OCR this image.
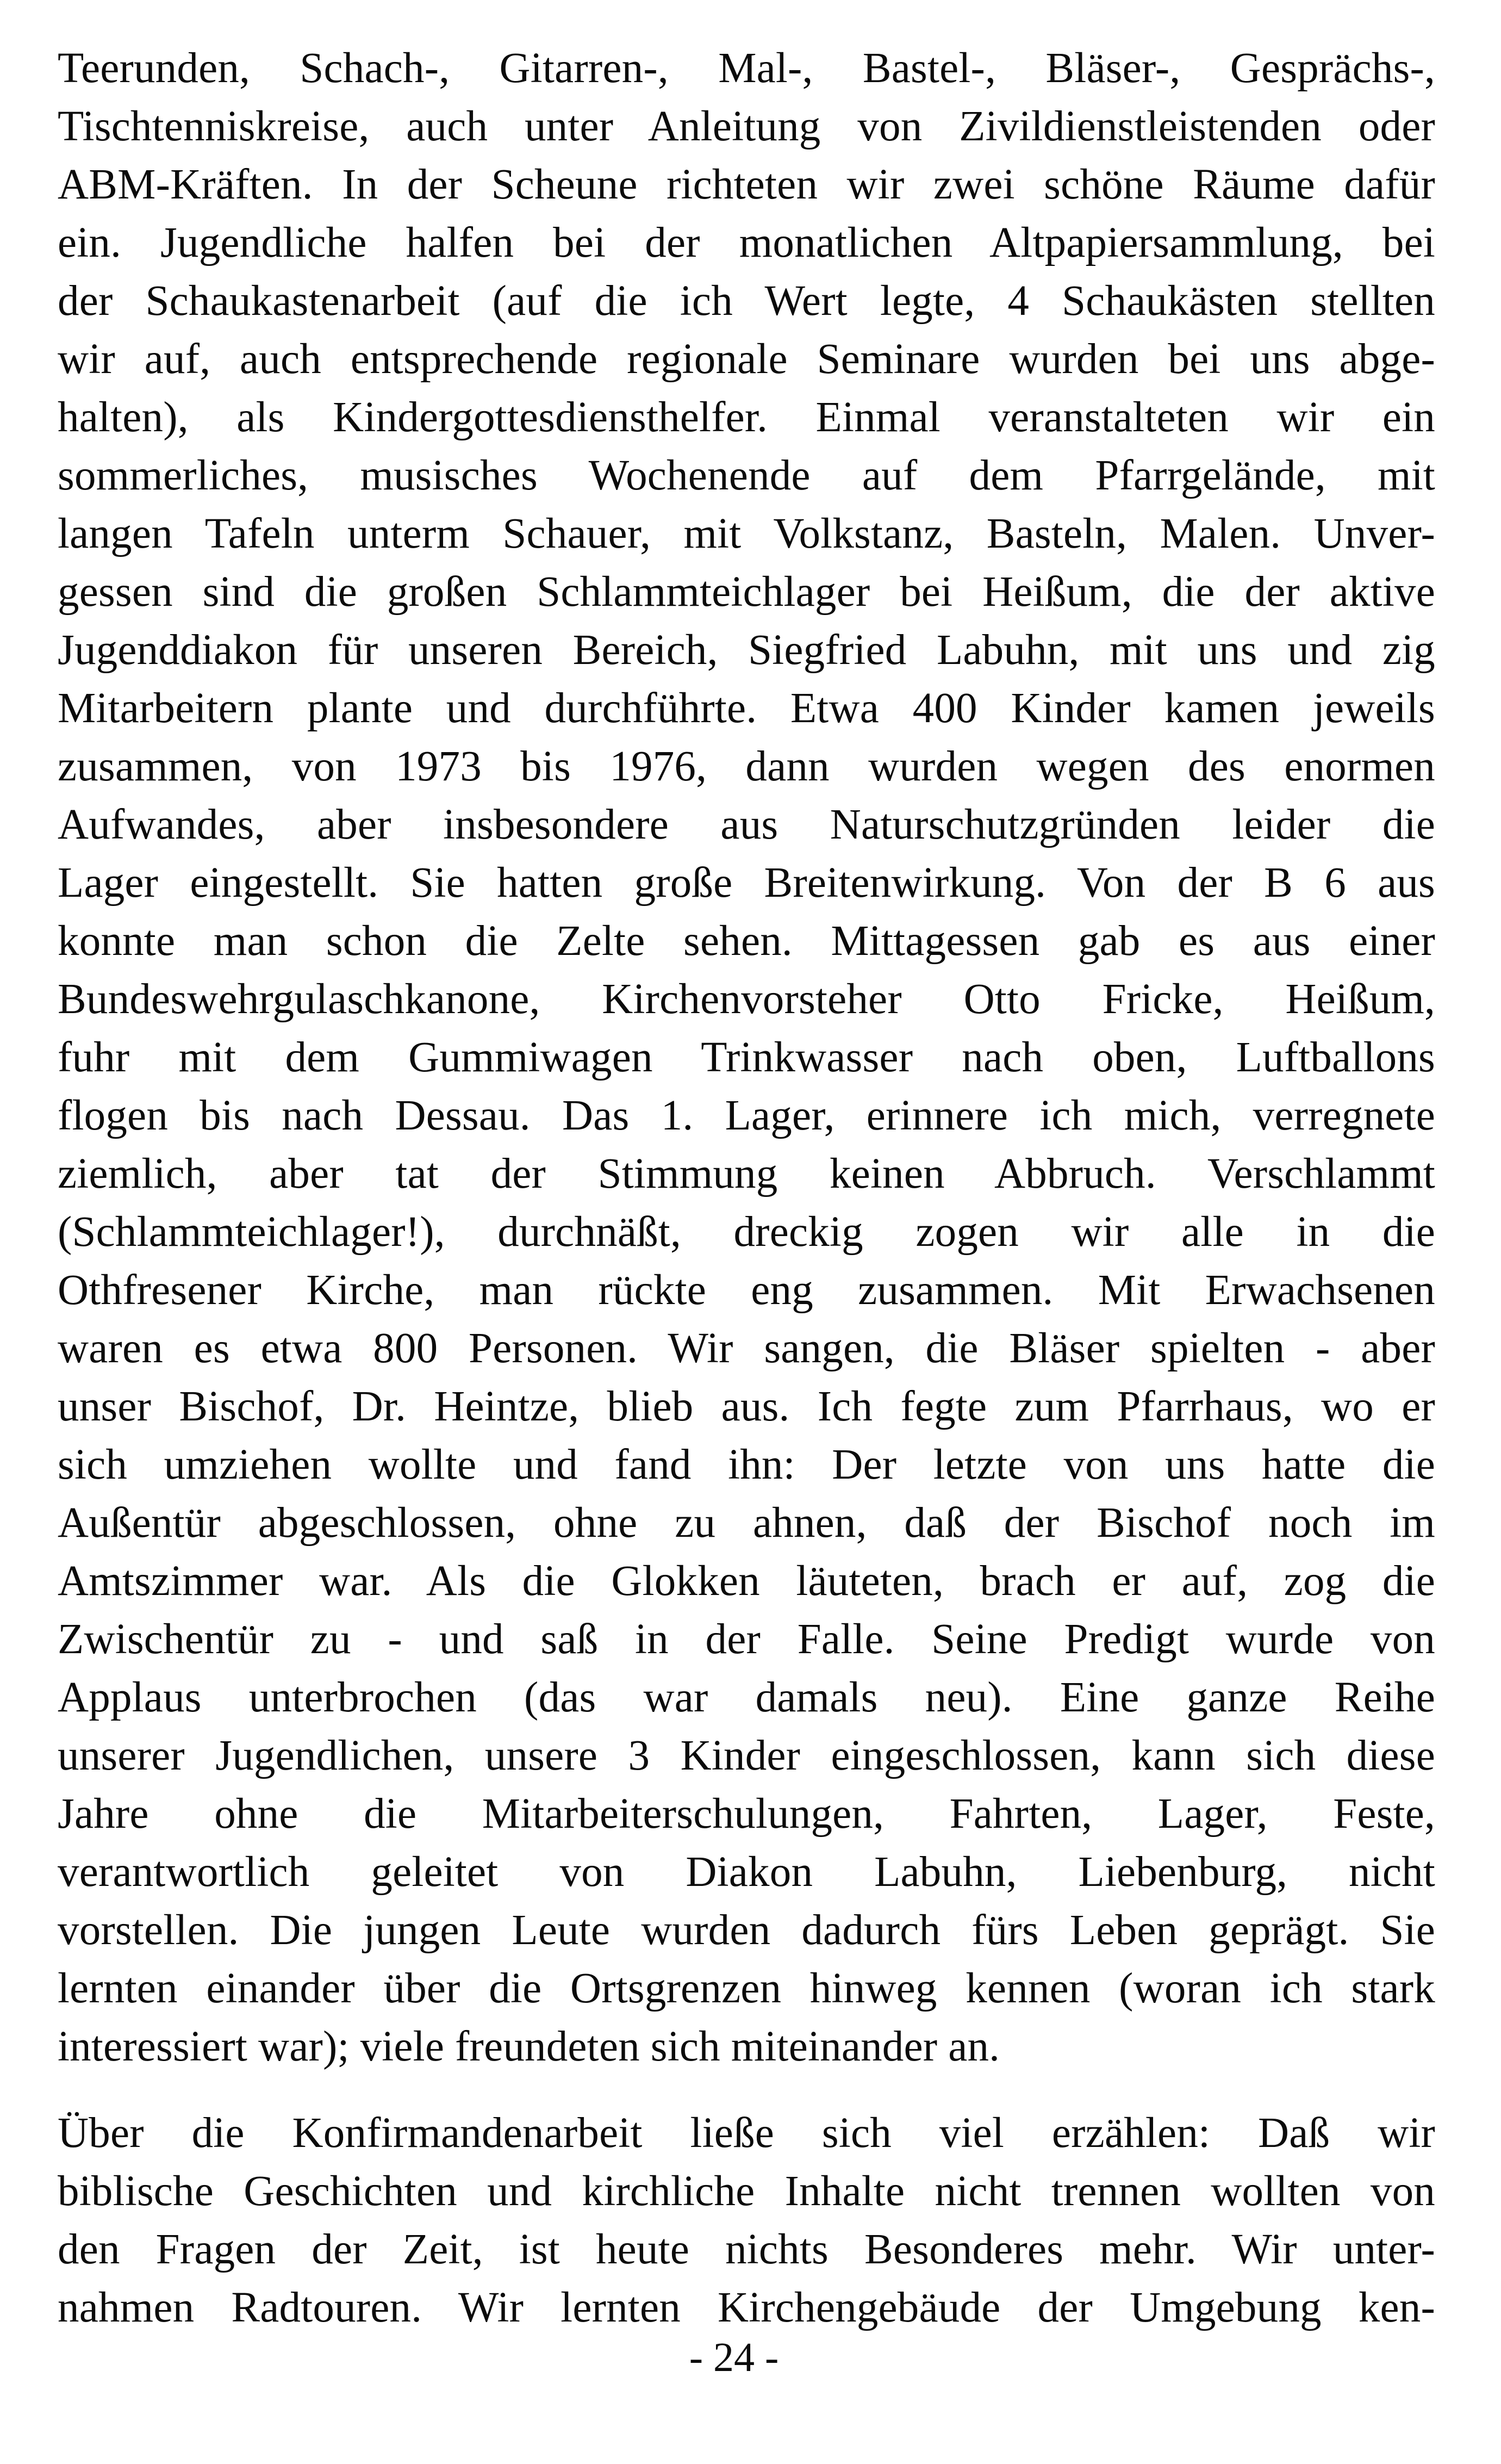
Teerunden, Schach-, Gitarren-, Mal-, Bastel-, Bläser-, Gesprächs-,
Tischtenniskreise, auch unter Anleitung von Zivildienstleistenden oder
ABM-Kräften. In der Scheune richteten wir zwei schöne Räume dafür
ein. Jugendliche halfen bei der monatlichen Altpapiersammlung, bei
der Schaukastenarbeit (auf die ich Wert legte, 4 Schaukästen stellten
wir auf, auch entsprechende regionale Seminare wurden bei uns abge-
halten), als Kindergottesdiensthelfer. Einmal veranstalteten wir ein
sommerliches, musisches Wochenende auf dem Pfarrgelände, mit
langen Tafeln unterm Schauer, mit Volkstanz, Basteln, Malen. Unver-
gessen sind die großen Schlammteichlager bei Heißum, die der aktive
Jugenddiakon für unseren Bereich, Siegfried Labuhn, mit uns und zig
Mitarbeitern plante und durchführte. Etwa 400 Kinder kamen jeweils
zusammen, von 1973 bis 1976, dann wurden wegen des enormen
Aufwandes, aber insbesondere aus Naturschutzgründen leider die
Lager eingestellt. Sie hatten große Breitenwirkung. Von der B 6 aus
konnte man schon die Zelte sehen. Mittagessen gab es aus einer
Bundeswehrgulaschkanone, Kirchenvorsteher Otto Fricke, Heißum,
fuhr mit dem Gummiwagen Trinkwasser nach oben, Luftballons
flogen bis nach Dessau. Das 1. Lager, erinnere ich mich, verregnete
ziemlich, aber tat der Stimmung keinen Abbruch. Verschlammt
(Schlammteichlager!), durchnäßt, dreckig zogen wir alle in die
Othfresener Kirche, man rückte eng zusammen. Mit Erwachsenen
waren es etwa 800 Personen. Wir sangen, die Bläser spielten - aber
unser Bischof, Dr. Heintze, blieb aus. Ich fegte zum Pfarrhaus, wo er
sich umziehen wollte und fand ihn: Der letzte von uns hatte die
Außentür abgeschlossen, ohne zu ahnen, daß der Bischof noch im
Amtszimmer war. Als die Glokken läuteten, brach er auf, zog die
Zwischentür zu - und saß in der Falle. Seine Predigt wurde von
Applaus unterbrochen (das war damals neu). Eine ganze Reihe
unserer Jugendlichen, unsere 3 Kinder eingeschlossen, kann sich diese
Jahre ohne die Mitarbeiterschulungen, Fahrten, Lager, Feste,
verantwortlich geleitet von Diakon Labuhn, Liebenburg, nicht
vorstellen. Die jungen Leute wurden dadurch fürs Leben geprägt. Sie
lernten einander über die Ortsgrenzen hinweg kennen (woran ich stark
interessiert war); viele freundeten sich miteinander an.
Über die Konfirmandenarbeit ließe sich viel erzählen: Daß wir
biblische Geschichten und kirchliche Inhalte nicht trennen wollten von
den Fragen der Zeit, ist heute nichts Besonderes mehr. Wir unter-
nahmen Radtouren. Wir lernten Kirchengebäude der Umgebung ken-
- 24 -
